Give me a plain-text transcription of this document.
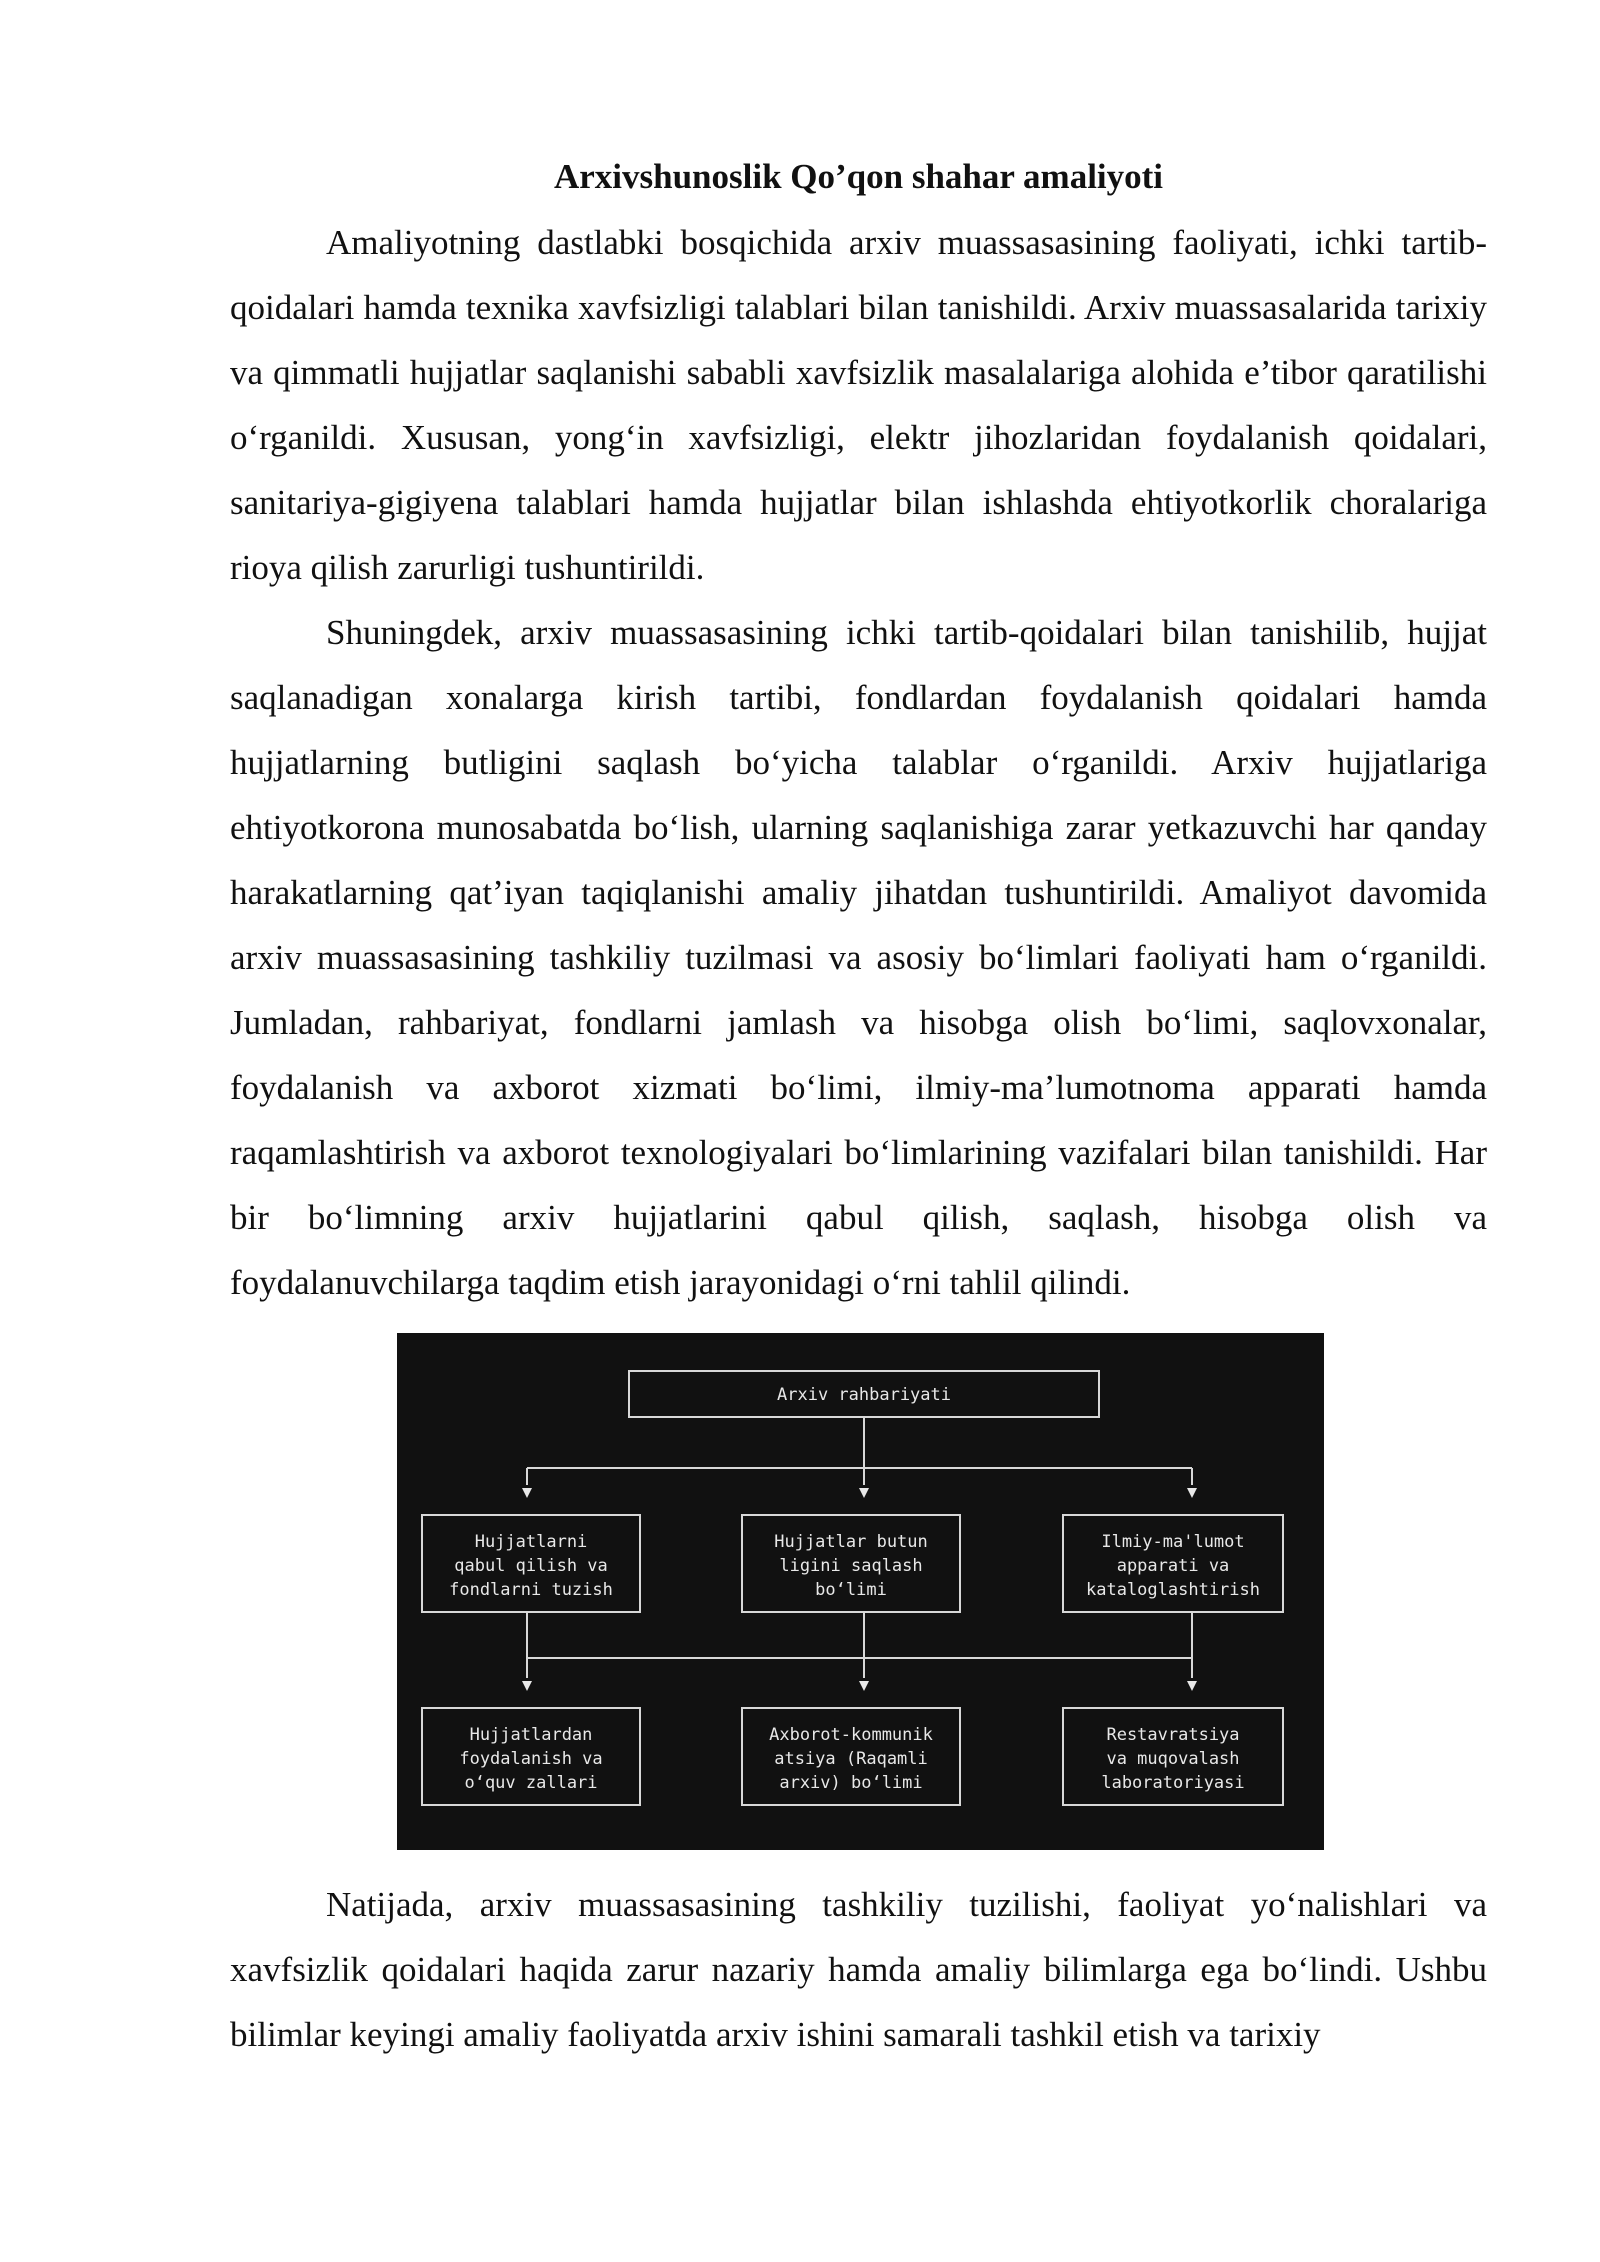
Arxivshunoslik Qo’qon shahar amaliyoti

Amaliyotning dastlabki bosqichida arxiv muassasasining faoliyati, ichki tartib-qoidalari hamda texnika xavfsizligi talablari bilan tanishildi. Arxiv muassasalarida tarixiy va qimmatli hujjatlar saqlanishi sababli xavfsizlik masalalariga alohida e’tibor qaratilishi o‘rganildi. Xususan, yong‘in xavfsizligi, elektr jihozlaridan foydalanish qoidalari, sanitariya-gigiyena talablari hamda hujjatlar bilan ishlashda ehtiyotkorlik choralariga rioya qilish zarurligi tushuntirildi.

Shuningdek, arxiv muassasasining ichki tartib-qoidalari bilan tanishilib, hujjat saqlanadigan xonalarga kirish tartibi, fondlardan foydalanish qoidalari hamda hujjatlarning butligini saqlash bo‘yicha talablar o‘rganildi. Arxiv hujjatlariga ehtiyotkorona munosabatda bo‘lish, ularning saqlanishiga zarar yetkazuvchi har qanday harakatlarning qat’iyan taqiqlanishi amaliy jihatdan tushuntirildi. Amaliyot davomida arxiv muassasasining tashkiliy tuzilmasi va asosiy bo‘limlari faoliyati ham o‘rganildi. Jumladan, rahbariyat, fondlarni jamlash va hisobga olish bo‘limi, saqlovxonalar, foydalanish va axborot xizmati bo‘limi, ilmiy-ma’lumotnoma apparati hamda raqamlashtirish va axborot texnologiyalari bo‘limlarining vazifalari bilan tanishildi. Har bir bo‘limning arxiv hujjatlarini qabul qilish, saqlash, hisobga olish va foydalanuvchilarga taqdim etish jarayonidagi o‘rni tahlil qilindi.

Arxiv rahbariyati
Hujjatlarni
qabul qilish va
fondlarni tuzish
Hujjatlar butun
ligini saqlash
bo‘limi
Ilmiy-ma'lumot
apparati va
kataloglashtirish
Hujjatlardan
foydalanish va
o‘quv zallari
Axborot-kommunik
atsiya (Raqamli
arxiv) bo‘limi
Restavratsiya
va muqovalash
laboratoriyasi

Natijada, arxiv muassasasining tashkiliy tuzilishi, faoliyat yo‘nalishlari va xavfsizlik qoidalari haqida zarur nazariy hamda amaliy bilimlarga ega bo‘lindi. Ushbu bilimlar keyingi amaliy faoliyatda arxiv ishini samarali tashkil etish va tarixiy
